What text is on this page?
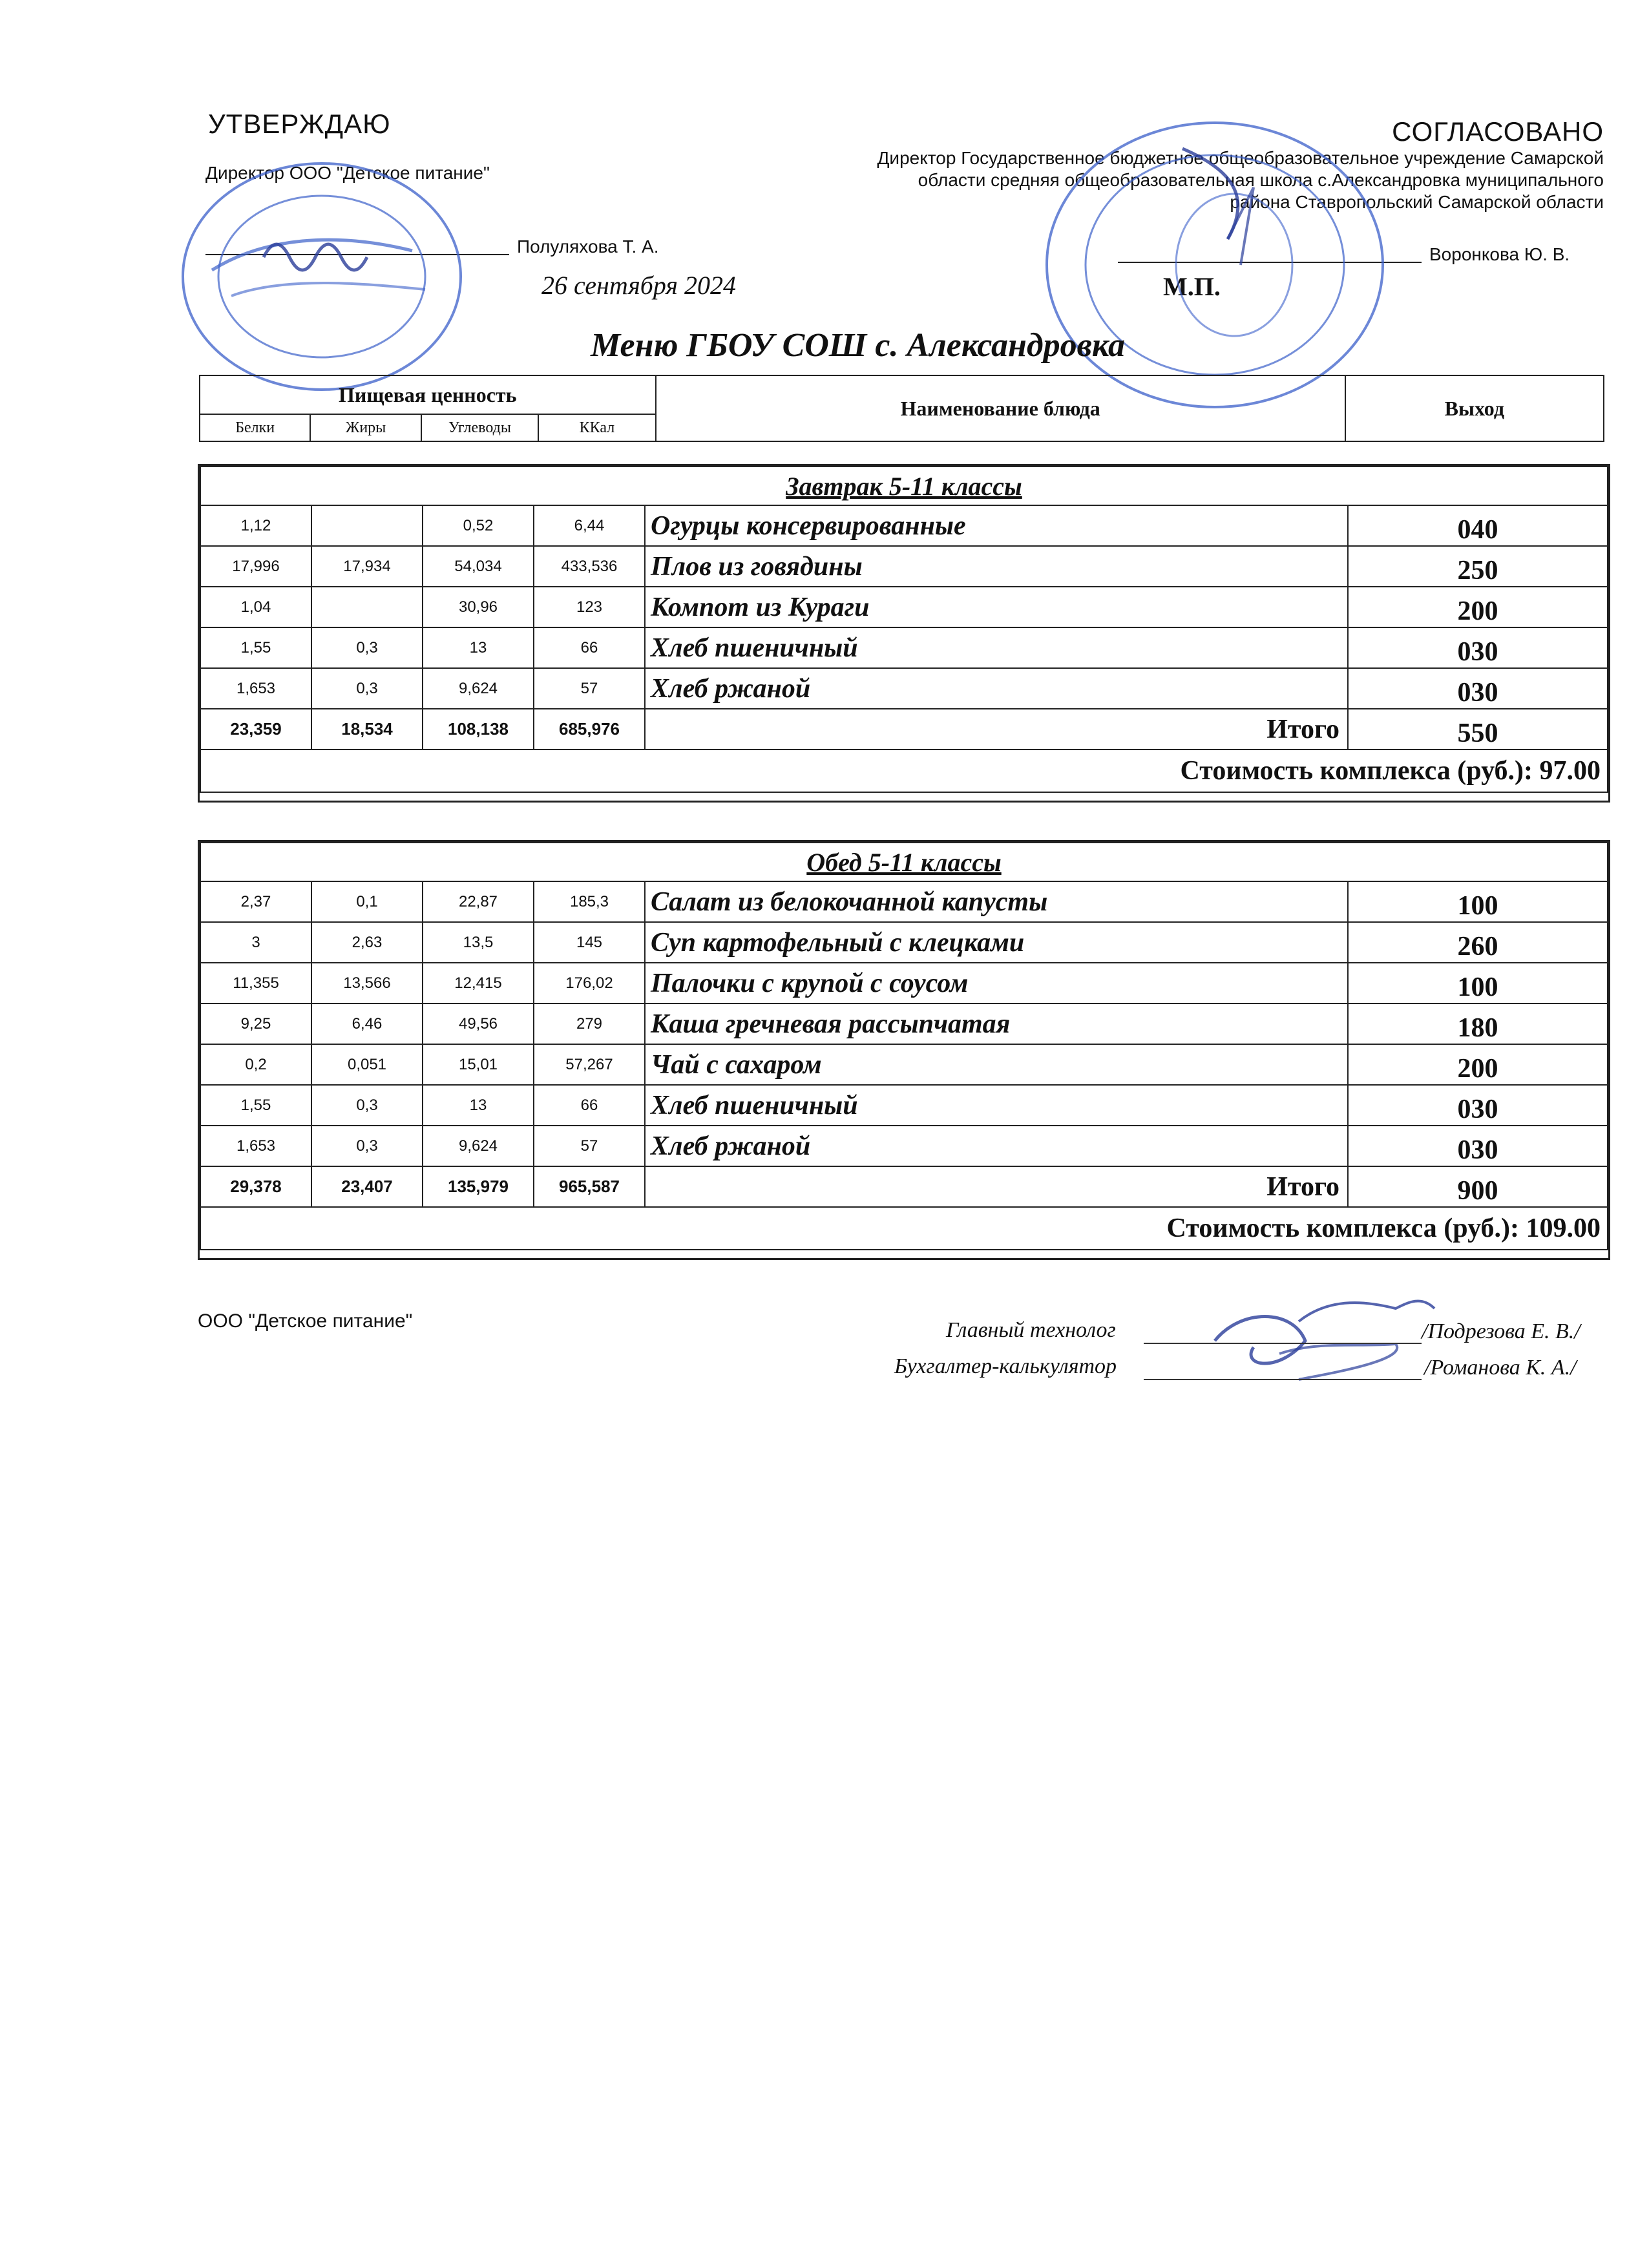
УТВЕРЖДАЮ
Директор ООО "Детское питание"
Полуляхова Т. А.
26 сентября 2024
СОГЛАСОВАНО
Директор Государственное бюджетное общеобразовательное учреждение Самарской
области средняя общеобразовательная школа с.Александровка муниципального
района Ставропольский Самарской области
Воронкова Ю. В.
М.П.
Меню ГБОУ СОШ с. Александровка
Пищевая ценность				Наименование блюда	Выход
Белки	Жиры	Углеводы	ККал		
Завтрак 5-11 классы					
1,12		0,52	6,44	Огурцы консервированные	040
17,996	17,934	54,034	433,536	Плов из говядины	250
1,04		30,96	123	Компот из Кураги	200
1,55	0,3	13	66	Хлеб пшеничный	030
1,653	0,3	9,624	57	Хлеб ржаной	030
23,359	18,534	108,138	685,976	Итого	550
Стоимость комплекса (руб.): 97.00					
Обед 5-11 классы					
2,37	0,1	22,87	185,3	Салат из белокочанной капусты	100
3	2,63	13,5	145	Суп картофельный с клецками	260
11,355	13,566	12,415	176,02	Палочки с крупой с соусом	100
9,25	6,46	49,56	279	Каша гречневая рассыпчатая	180
0,2	0,051	15,01	57,267	Чай с сахаром	200
1,55	0,3	13	66	Хлеб пшеничный	030
1,653	0,3	9,624	57	Хлеб ржаной	030
29,378	23,407	135,979	965,587	Итого	900
Стоимость комплекса (руб.): 109.00					
ООО "Детское питание"	Главный технолог	/Подрезова Е. В./
Бухгалтер-калькулятор	/Романова К. А./
